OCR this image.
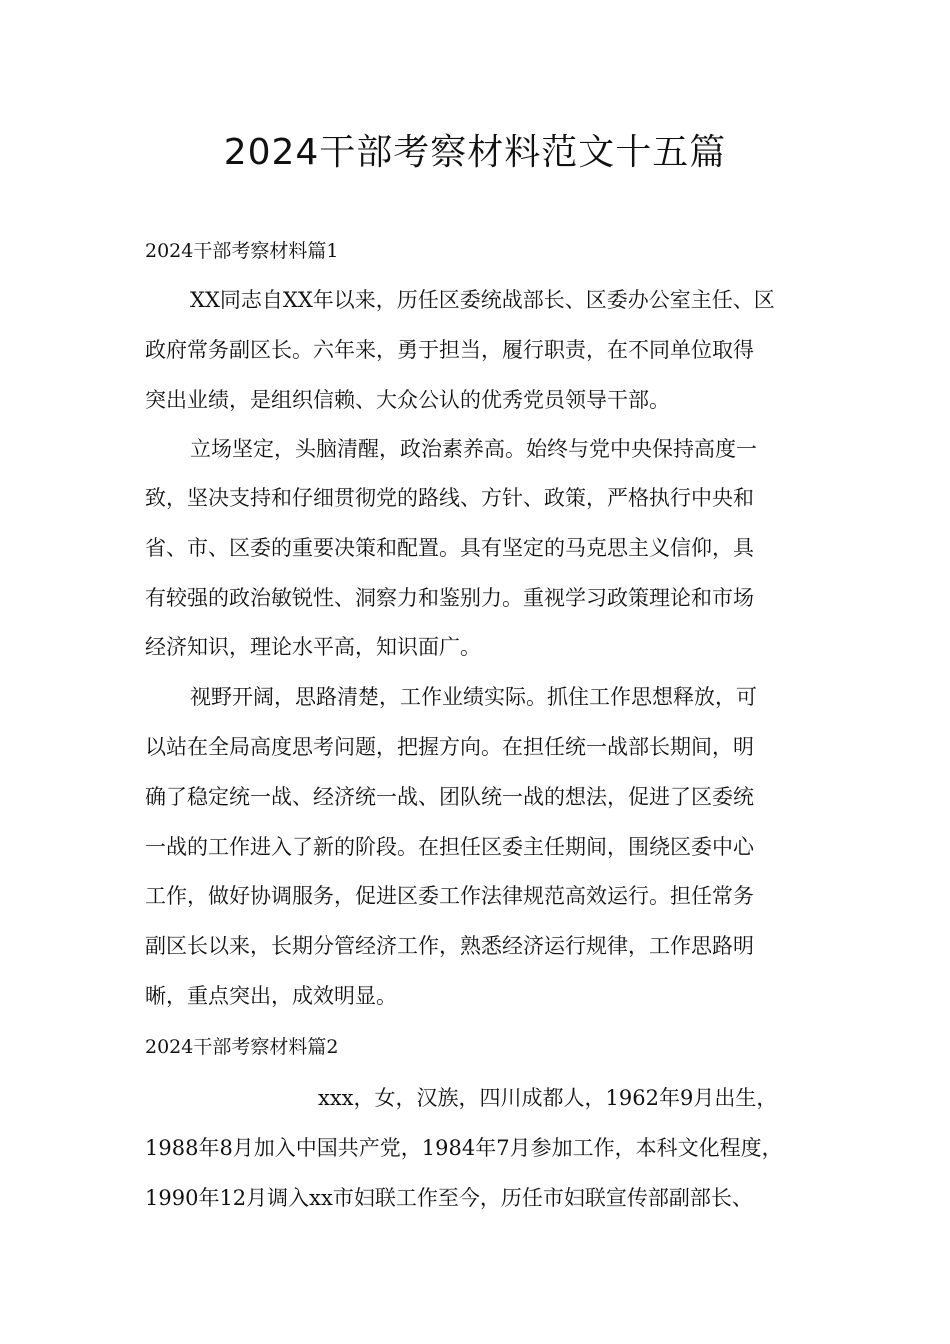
2024干部考察材料范文十五篇
2024干部考察材料篇1

XX同志自XX年以来，历任区委统战部长、区委办公室主任、区

政府常务副区长。六年来，勇于担当，履行职责，在不同单位取得

突出业绩，是组织信赖、大众公认的优秀党员领导干部。

立场坚定，头脑清醒，政治素养高。始终与党中央保持高度一

致，坚决支持和仔细贯彻党的路线、方针、政策，严格执行中央和

省、市、区委的重要决策和配置。具有坚定的马克思主义信仰，具

有较强的政治敏锐性、洞察力和鉴别力。重视学习政策理论和市场

经济知识，理论水平高，知识面广。

视野开阔，思路清楚，工作业绩实际。抓住工作思想释放，可

以站在全局高度思考问题，把握方向。在担任统一战部长期间，明

确了稳定统一战、经济统一战、团队统一战的想法，促进了区委统

一战的工作进入了新的阶段。在担任区委主任期间，围绕区委中心

工作，做好协调服务，促进区委工作法律规范高效运行。担任常务

副区长以来，长期分管经济工作，熟悉经济运行规律，工作思路明

晰，重点突出，成效明显。

2024干部考察材料篇2

xxx，女，汉族，四川成都人，1962年9月出生，

1988年8月加入中国共产党，1984年7月参加工作，本科文化程度，

1990年12月调入xx市妇联工作至今，历任市妇联宣传部副部长、
